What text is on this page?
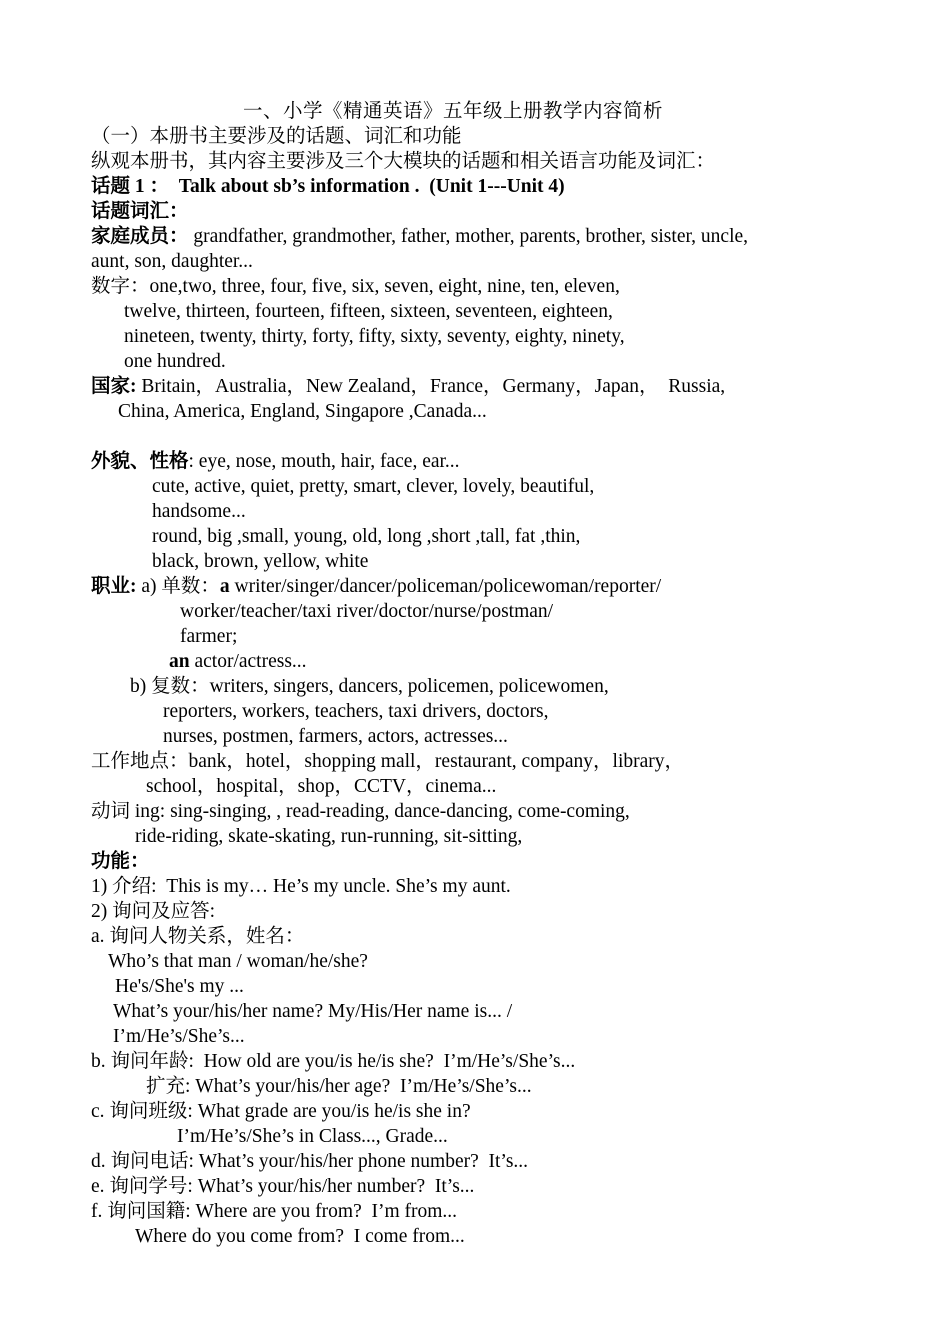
一、小学《精通英语》五年级上册教学内容简析
（一）本册书主要涉及的话题、词汇和功能
纵观本册书，其内容主要涉及三个大模块的话题和相关语言功能及词汇：
话题 1 ： Talk about sb’s information .  (Unit 1---Unit 4)
话题词汇：
家庭成员： grandfather, grandmother, father, mother, parents, brother, sister, uncle,
aunt, son, daughter...
数字：one,two, three, four, five, six, seven, eight, nine, ten, eleven,
twelve, thirteen, fourteen, fifteen, sixteen, seventeen, eighteen,
nineteen, twenty, thirty, forty, fifty, sixty, seventy, eighty, ninety,
one hundred.
国家: Britain，Australia，New Zealand，France，Germany，Japan，  Russia,
China, America, England, Singapore ,Canada...
外貌、性格: eye, nose, mouth, hair, face, ear...
cute, active, quiet, pretty, smart, clever, lovely, beautiful,
handsome...
round, big ,small, young, old, long ,short ,tall, fat ,thin,
black, brown, yellow, white
职业: a) 单数：a writer/singer/dancer/policeman/policewoman/reporter/
worker/teacher/taxi river/doctor/nurse/postman/
farmer;
an actor/actress...
b) 复数：writers, singers, dancers, policemen, policewomen,
reporters, workers, teachers, taxi drivers, doctors,
nurses, postmen, farmers, actors, actresses...
工作地点：bank，hotel，shopping mall，restaurant, company，library，
school，hospital，shop，CCTV，cinema...
动词 ing: sing-singing, , read-reading, dance-dancing, come-coming,
ride-riding, skate-skating, run-running, sit-sitting,
功能：
1) 介绍:  This is my… He’s my uncle. She’s my aunt.
2) 询问及应答:
a. 询问人物关系，姓名：
Who’s that man / woman/he/she?
He's/She's my ...
What’s your/his/her name? My/His/Her name is... /
I’m/He’s/She’s...
b. 询问年龄:  How old are you/is he/is she?  I’m/He’s/She’s...
扩充: What’s your/his/her age?  I’m/He’s/She’s...
c. 询问班级: What grade are you/is he/is she in?
I’m/He’s/She’s in Class..., Grade...
d. 询问电话: What’s your/his/her phone number?  It’s...
e. 询问学号: What’s your/his/her number?  It’s...
f. 询问国籍: Where are you from?  I’m from...
Where do you come from?  I come from...
